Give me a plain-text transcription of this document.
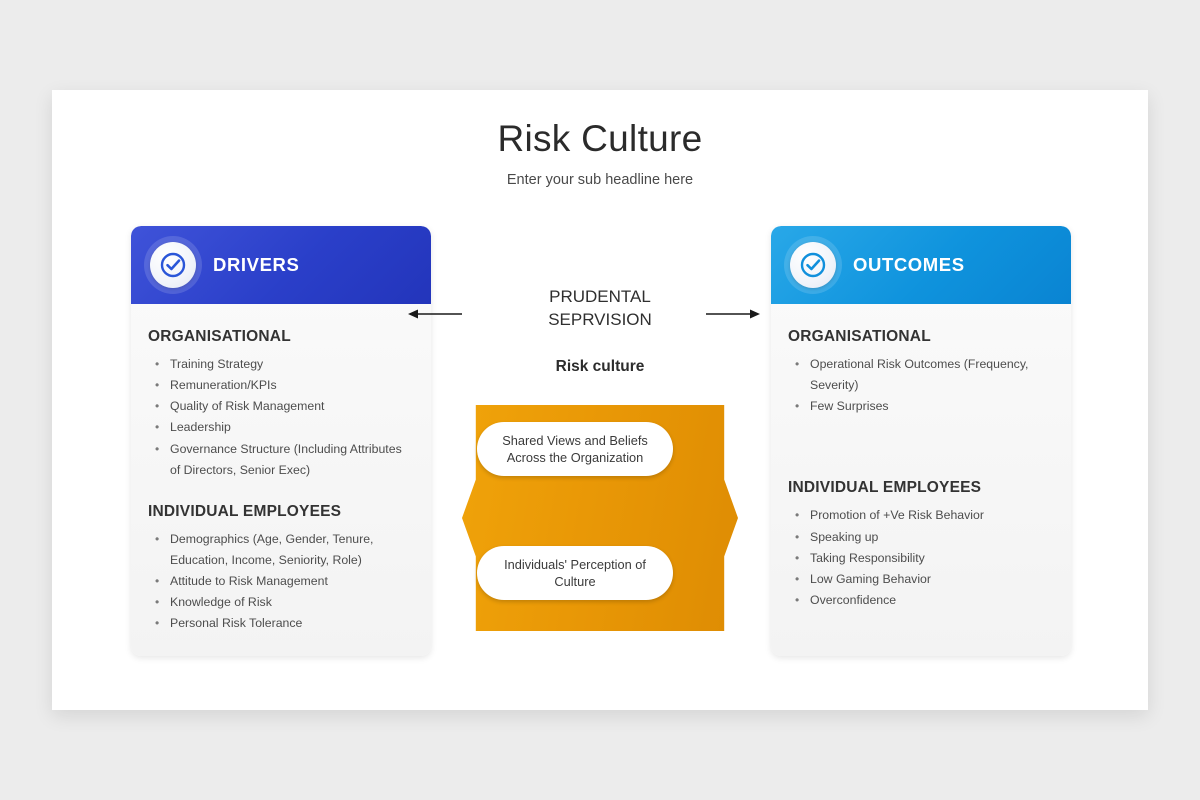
Risk Culture
Enter your sub headline here
DRIVERS
ORGANISATIONAL
• Training Strategy
• Remuneration/KPIs
• Quality of Risk Management
• Leadership
• Governance Structure (Including Attributes of Directors, Senior Exec)
INDIVIDUAL EMPLOYEES
• Demographics (Age, Gender, Tenure, Education, Income, Seniority, Role)
• Attitude to Risk Management
• Knowledge of Risk
• Personal Risk Tolerance
PRUDENTAL
SEPRVISION
Risk culture
Shared Views and Beliefs Across the Organization
Individuals' Perception of Culture
OUTCOMES
ORGANISATIONAL
• Operational Risk Outcomes (Frequency, Severity)
• Few Surprises
INDIVIDUAL EMPLOYEES
• Promotion of +Ve Risk Behavior
• Speaking up
• Taking Responsibility
• Low Gaming Behavior
• Overconfidence
